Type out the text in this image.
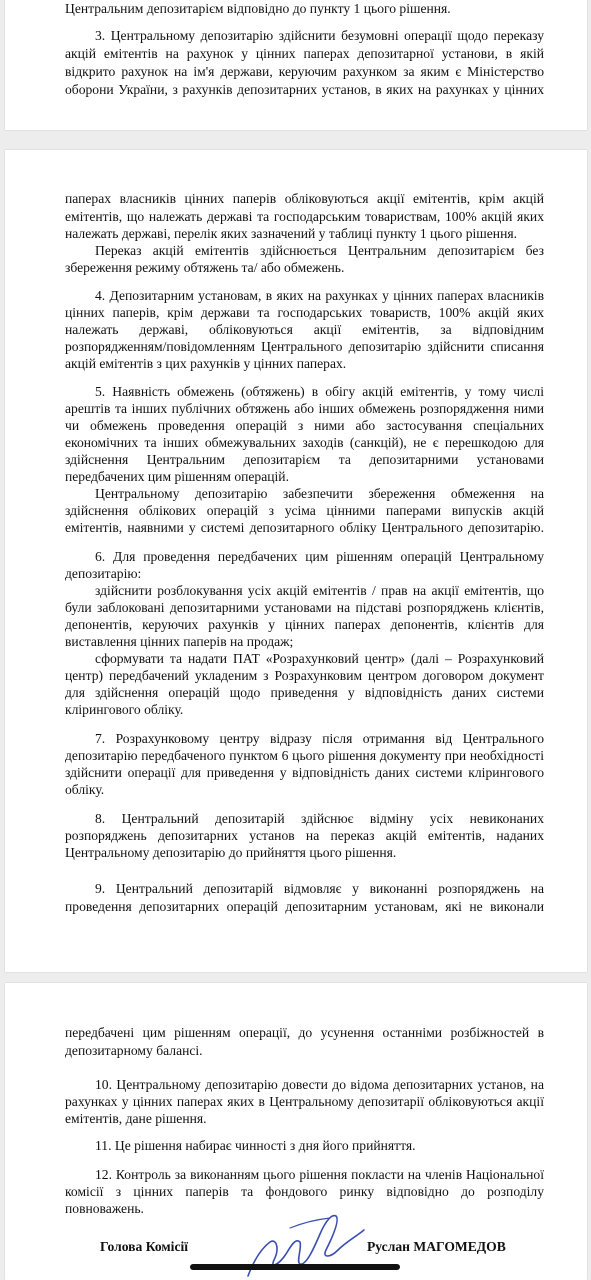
Центральним депозитарієм відповідно до пункту 1 цього рішення.
3. Центральному депозитарію здійснити безумовні операції щодо переказу
акцій емітентів на рахунок у цінних паперах депозитарної установи, в якій
відкрито рахунок на ім'я держави, керуючим рахунком за яким є Міністерство
оборони України, з рахунків депозитарних установ, в яких на рахунках у цінних
паперах власників цінних паперів обліковуються акції емітентів, крім акцій
емітентів, що належать державі та господарським товариствам, 100% акцій яких
належать державі, перелік яких зазначений у таблиці пункту 1 цього рішення.
Переказ акцій емітентів здійснюється Центральним депозитарієм без
збереження режиму обтяжень та/ або обмежень.
4. Депозитарним установам, в яких на рахунках у цінних паперах власників
цінних паперів, крім держави та господарських товариств, 100% акцій яких
належать державі, обліковуються акції емітентів, за відповідним
розпорядженням/повідомленням Центрального депозитарію здійснити списання
акцій емітентів з цих рахунків у цінних паперах.
5. Наявність обмежень (обтяжень) в обігу акцій емітентів, у тому числі
арештів та інших публічних обтяжень або інших обмежень розпорядження ними
чи обмежень проведення операцій з ними або застосування спеціальних
економічних та інших обмежувальних заходів (санкцій), не є перешкодою для
здійснення Центральним депозитарієм та депозитарними установами
передбачених цим рішенням операцій.
Центральному депозитарію забезпечити збереження обмеження на
здійснення облікових операцій з усіма цінними паперами випусків акцій
емітентів, наявними у системі депозитарного обліку Центрального депозитарію.
6. Для проведення передбачених цим рішенням операцій Центральному
депозитарію:
здійснити розблокування усіх акцій емітентів / прав на акції емітентів, що
були заблоковані депозитарними установами на підставі розпоряджень клієнтів,
депонентів, керуючих рахунків у цінних паперах депонентів, клієнтів для
виставлення цінних паперів на продаж;
сформувати та надати ПАТ «Розрахунковий центр» (далі – Розрахунковий
центр) передбачений укладеним з Розрахунковим центром договором документ
для здійснення операцій щодо приведення у відповідність даних системи
клірингового обліку.
7. Розрахунковому центру відразу після отримання від Центрального
депозитарію передбаченого пунктом 6 цього рішення документу при необхідності
здійснити операції для приведення у відповідність даних системи клірингового
обліку.
8. Центральний депозитарій здійснює відміну усіх невиконаних
розпоряджень депозитарних установ на переказ акцій емітентів, наданих
Центральному депозитарію до прийняття цього рішення.
9. Центральний депозитарій відмовляє у виконанні розпоряджень на
проведення депозитарних операцій депозитарним установам, які не виконали
передбачені цим рішенням операції, до усунення останніми розбіжностей в
депозитарному балансі.
10. Центральному депозитарію довести до відома депозитарних установ, на
рахунках у цінних паперах яких в Центральному депозитарії обліковуються акції
емітентів, дане рішення.
11. Це рішення набирає чинності з дня його прийняття.
12. Контроль за виконанням цього рішення покласти на членів Національної
комісії з цінних паперів та фондового ринку відповідно до розподілу
повноважень.
Голова Комісії	Руслан МАГОМЕДОВ
